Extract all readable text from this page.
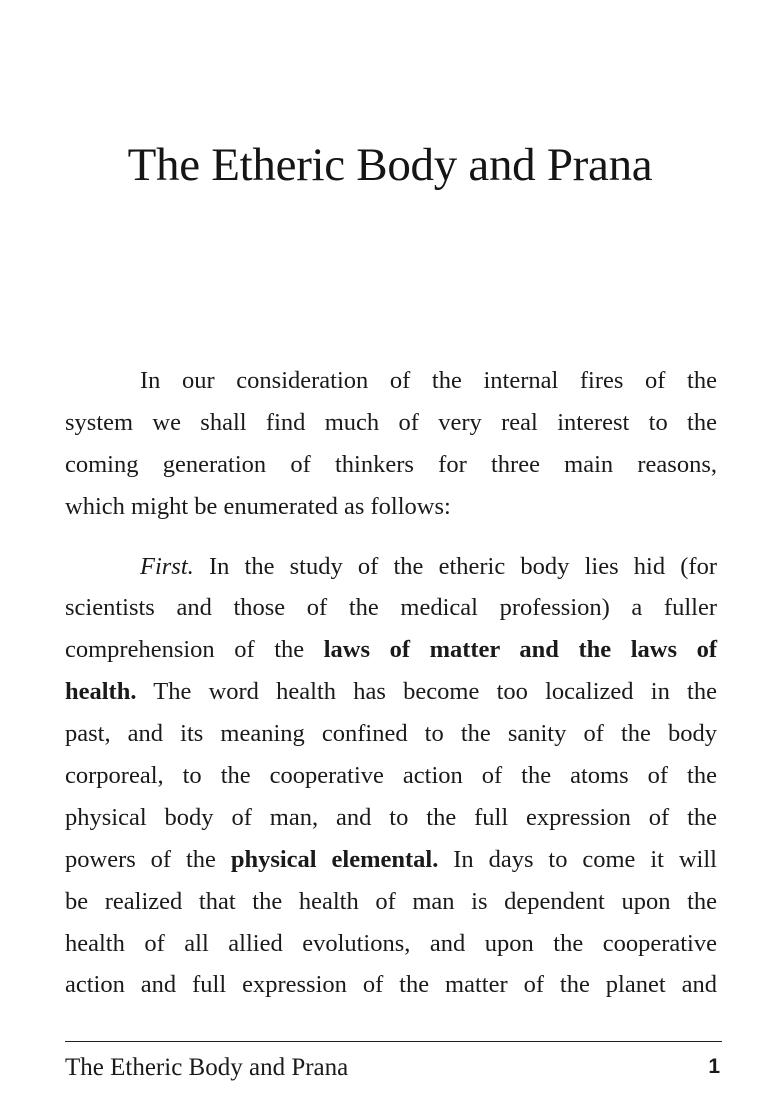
The Etheric Body and Prana
In our consideration of the internal fires of the
system we shall find much of very real interest to the
coming generation of thinkers for three main reasons,
which might be enumerated as follows:
First. In the study of the etheric body lies hid (for
scientists and those of the medical profession) a fuller
comprehension of the laws of matter and the laws of
health. The word health has become too localized in the
past, and its meaning confined to the sanity of the body
corporeal, to the cooperative action of the atoms of the
physical body of man, and to the full expression of the
powers of the physical elemental. In days to come it will
be realized that the health of man is dependent upon the
health of all allied evolutions, and upon the cooperative
action and full expression of the matter of the planet and
The Etheric Body and Prana	1
